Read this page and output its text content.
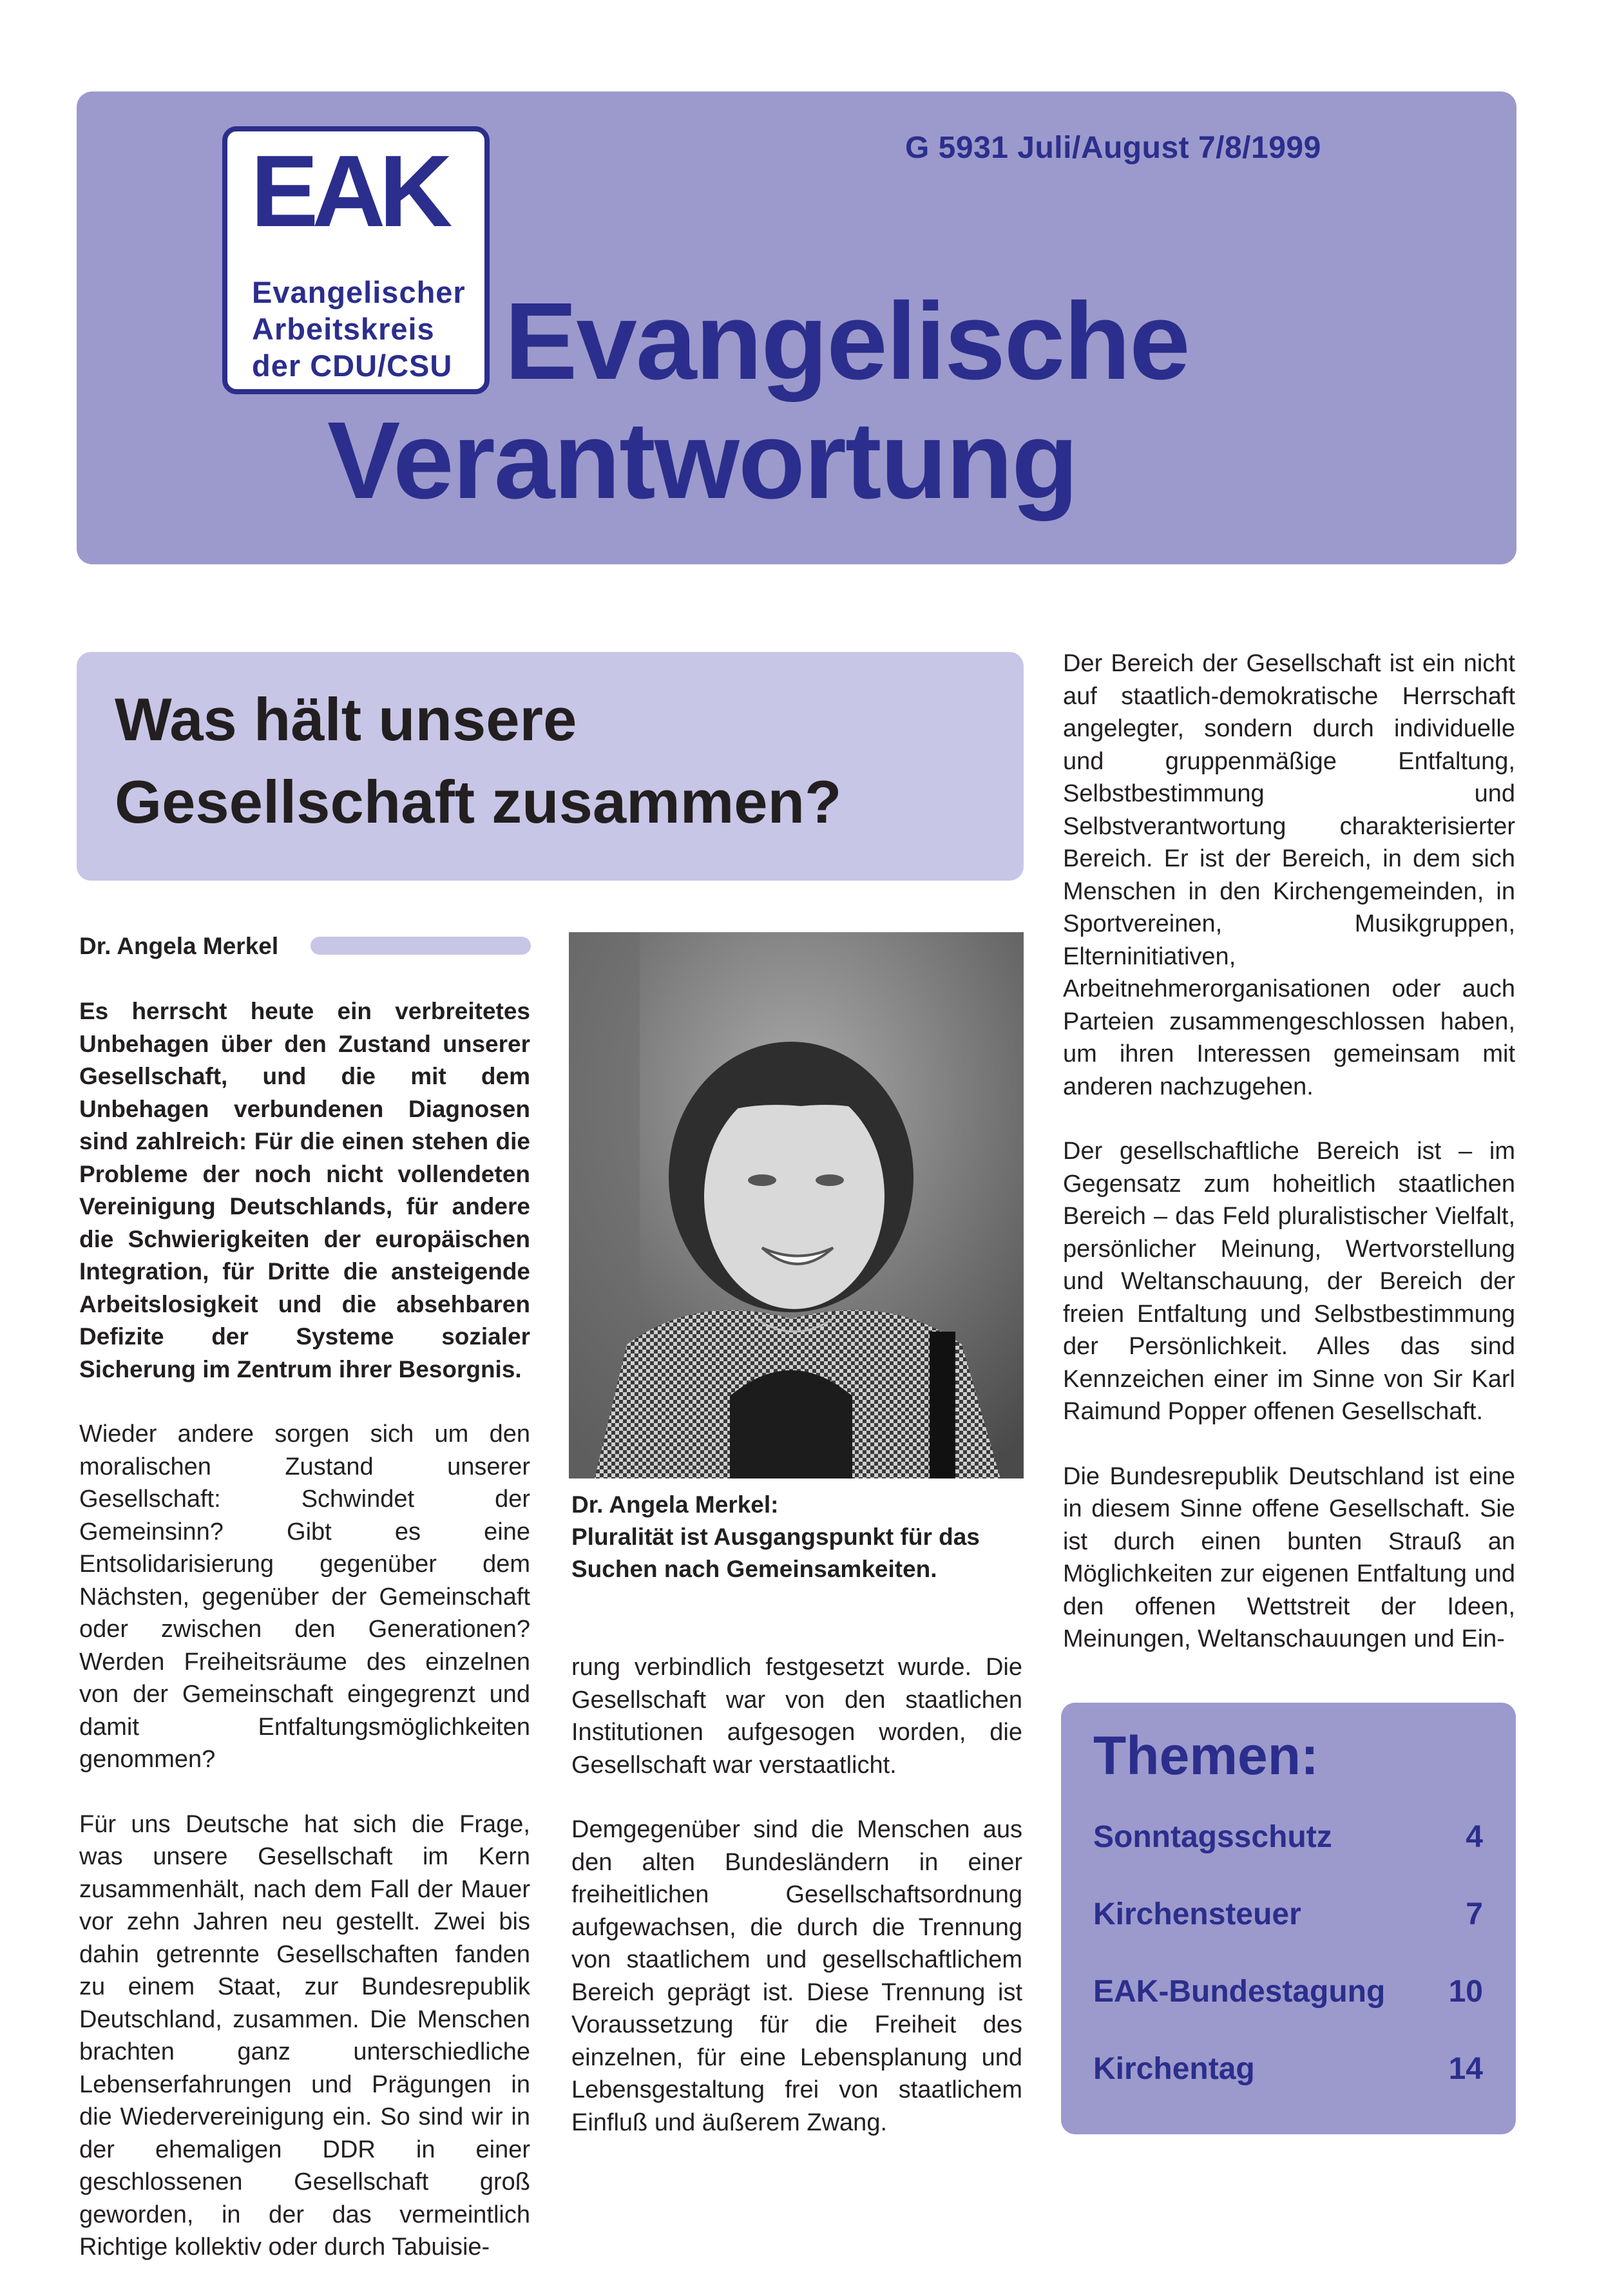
G 5931 Juli/August 7/8/1999
EAK
Evangelischer
Arbeitskreis
der CDU/CSU Evangelische
Verantwortung
Was hält unsere
Gesellschaft zusammen?
Dr. Angela Merkel

Es herrscht heute ein verbreitetes Unbehagen über den Zustand unserer Gesellschaft, und die mit dem Unbehagen verbundenen Diagnosen sind zahlreich: Für die einen stehen die Probleme der noch nicht vollendeten Vereinigung Deutschlands, für andere die Schwierigkeiten der europäischen Integration, für Dritte die ansteigende Arbeitslosigkeit und die absehbaren Defizite der Systeme sozialer Sicherung im Zentrum ihrer Besorgnis.

Wieder andere sorgen sich um den moralischen Zustand unserer Gesellschaft: Schwindet der Gemeinsinn? Gibt es eine Entsolidarisierung gegenüber dem Nächsten, gegenüber der Gemeinschaft oder zwischen den Generationen? Werden Freiheitsräume des einzelnen von der Gemeinschaft eingegrenzt und damit Entfaltungsmöglichkeiten genommen?

Für uns Deutsche hat sich die Frage, was unsere Gesellschaft im Kern zusammenhält, nach dem Fall der Mauer vor zehn Jahren neu gestellt. Zwei bis dahin getrennte Gesellschaften fanden zu einem Staat, zur Bundesrepublik Deutschland, zusammen. Die Menschen brachten ganz unterschiedliche Lebenserfahrungen und Prägungen in die Wiedervereinigung ein. So sind wir in der ehemaligen DDR in einer geschlossenen Gesellschaft groß geworden, in der das vermeintlich Richtige kollektiv oder durch Tabuisie-

Dr. Angela Merkel:
Pluralität ist Ausgangspunkt für das Suchen nach Gemeinsamkeiten.

rung verbindlich festgesetzt wurde. Die Gesellschaft war von den staatlichen Institutionen aufgesogen worden, die Gesellschaft war verstaatlicht.

Demgegenüber sind die Menschen aus den alten Bundesländern in einer freiheitlichen Gesellschaftsordnung aufgewachsen, die durch die Trennung von staatlichem und gesellschaftlichem Bereich geprägt ist. Diese Trennung ist Voraussetzung für die Freiheit des einzelnen, für eine Lebensplanung und Lebensgestaltung frei von staatlichem Einfluß und äußerem Zwang.

Der Bereich der Gesellschaft ist ein nicht auf staatlich-demokratische Herrschaft angelegter, sondern durch individuelle und gruppenmäßige Entfaltung, Selbstbestimmung und Selbstverantwortung charakterisierter Bereich. Er ist der Bereich, in dem sich Menschen in den Kirchengemeinden, in Sportvereinen, Musikgruppen, Elterninitiativen, Arbeitnehmerorganisationen oder auch Parteien zusammengeschlossen haben, um ihren Interessen gemeinsam mit anderen nachzugehen.

Der gesellschaftliche Bereich ist – im Gegensatz zum hoheitlich staatlichen Bereich – das Feld pluralistischer Vielfalt, persönlicher Meinung, Wertvorstellung und Weltanschauung, der Bereich der freien Entfaltung und Selbstbestimmung der Persönlichkeit. Alles das sind Kennzeichen einer im Sinne von Sir Karl Raimund Popper offenen Gesellschaft.

Die Bundesrepublik Deutschland ist eine in diesem Sinne offene Gesellschaft. Sie ist durch einen bunten Strauß an Möglichkeiten zur eigenen Entfaltung und den offenen Wettstreit der Ideen, Meinungen, Weltanschauungen und Ein-

Themen:
Sonntagsschutz	4
Kirchensteuer	7
EAK-Bundestagung 10
Kirchentag	14
